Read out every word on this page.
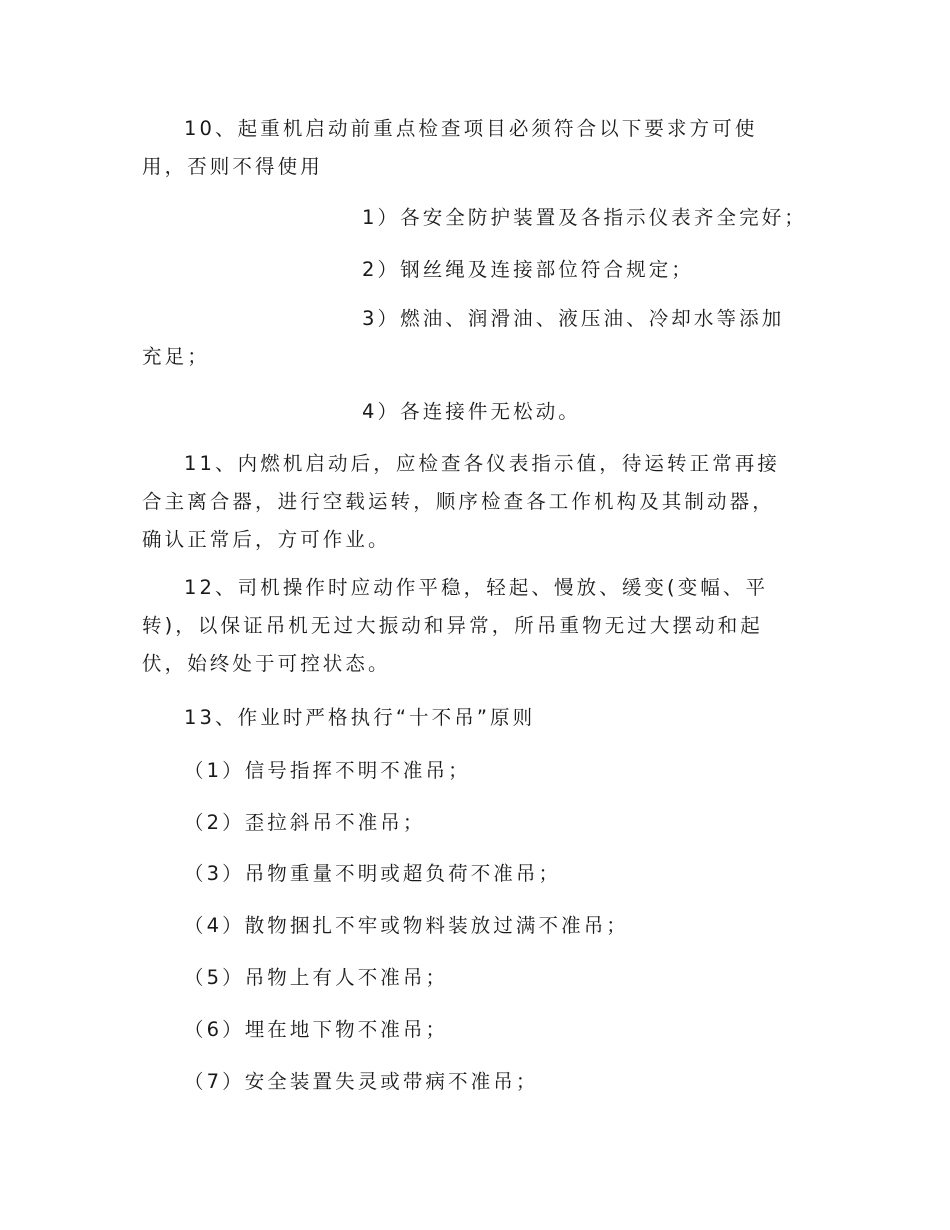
10、起重机启动前重点检查项目必须符合以下要求方可使用，否则不得使用
1）各安全防护装置及各指示仪表齐全完好；
2）钢丝绳及连接部位符合规定；
3）燃油、润滑油、液压油、冷却水等添加充足；
4）各连接件无松动。
11、内燃机启动后，应检查各仪表指示值，待运转正常再接合主离合器，进行空载运转，顺序检查各工作机构及其制动器，确认正常后，方可作业。
12、司机操作时应动作平稳，轻起、慢放、缓变(变幅、平转)，以保证吊机无过大振动和异常，所吊重物无过大摆动和起伏，始终处于可控状态。
13、作业时严格执行“十不吊”原则
（1）信号指挥不明不准吊；
（2）歪拉斜吊不准吊；
（3）吊物重量不明或超负荷不准吊；
（4）散物捆扎不牢或物料装放过满不准吊；
（5）吊物上有人不准吊；
（6）埋在地下物不准吊；
（7）安全装置失灵或带病不准吊；
